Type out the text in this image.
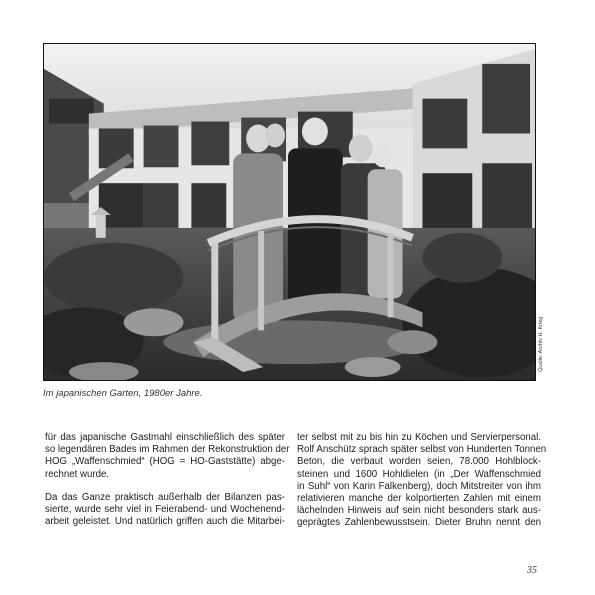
Quelle: Archiv H. Krieg
Im japanischen Garten, 1980er Jahre.
für das japanische Gastmahl einschließlich des später
so legendären Bades im Rahmen der Rekonstruktion der
HOG „Waffenschmied“ (HOG = HO-Gaststätte) abge-
rechnet wurde.
Da das Ganze praktisch außerhalb der Bilanzen pas-
sierte, wurde sehr viel in Feierabend- und Wochenend-
arbeit geleistet. Und natürlich griffen auch die Mitarbei-
ter selbst mit zu bis hin zu Köchen und Servierpersonal.
Rolf Anschütz sprach später selbst von Hunderten Tonnen
Beton, die verbaut worden seien, 78.000 Hohlblock-
steinen und 1600 Hohldielen (in „Der Waffenschmied
in Suhl“ von Karin Falkenberg), doch Mitstreiter von ihm
relativieren manche der kolportierten Zahlen mit einem
lächelnden Hinweis auf sein nicht besonders stark aus-
geprägtes Zahlenbewusstsein. Dieter Bruhn nennt den
35
